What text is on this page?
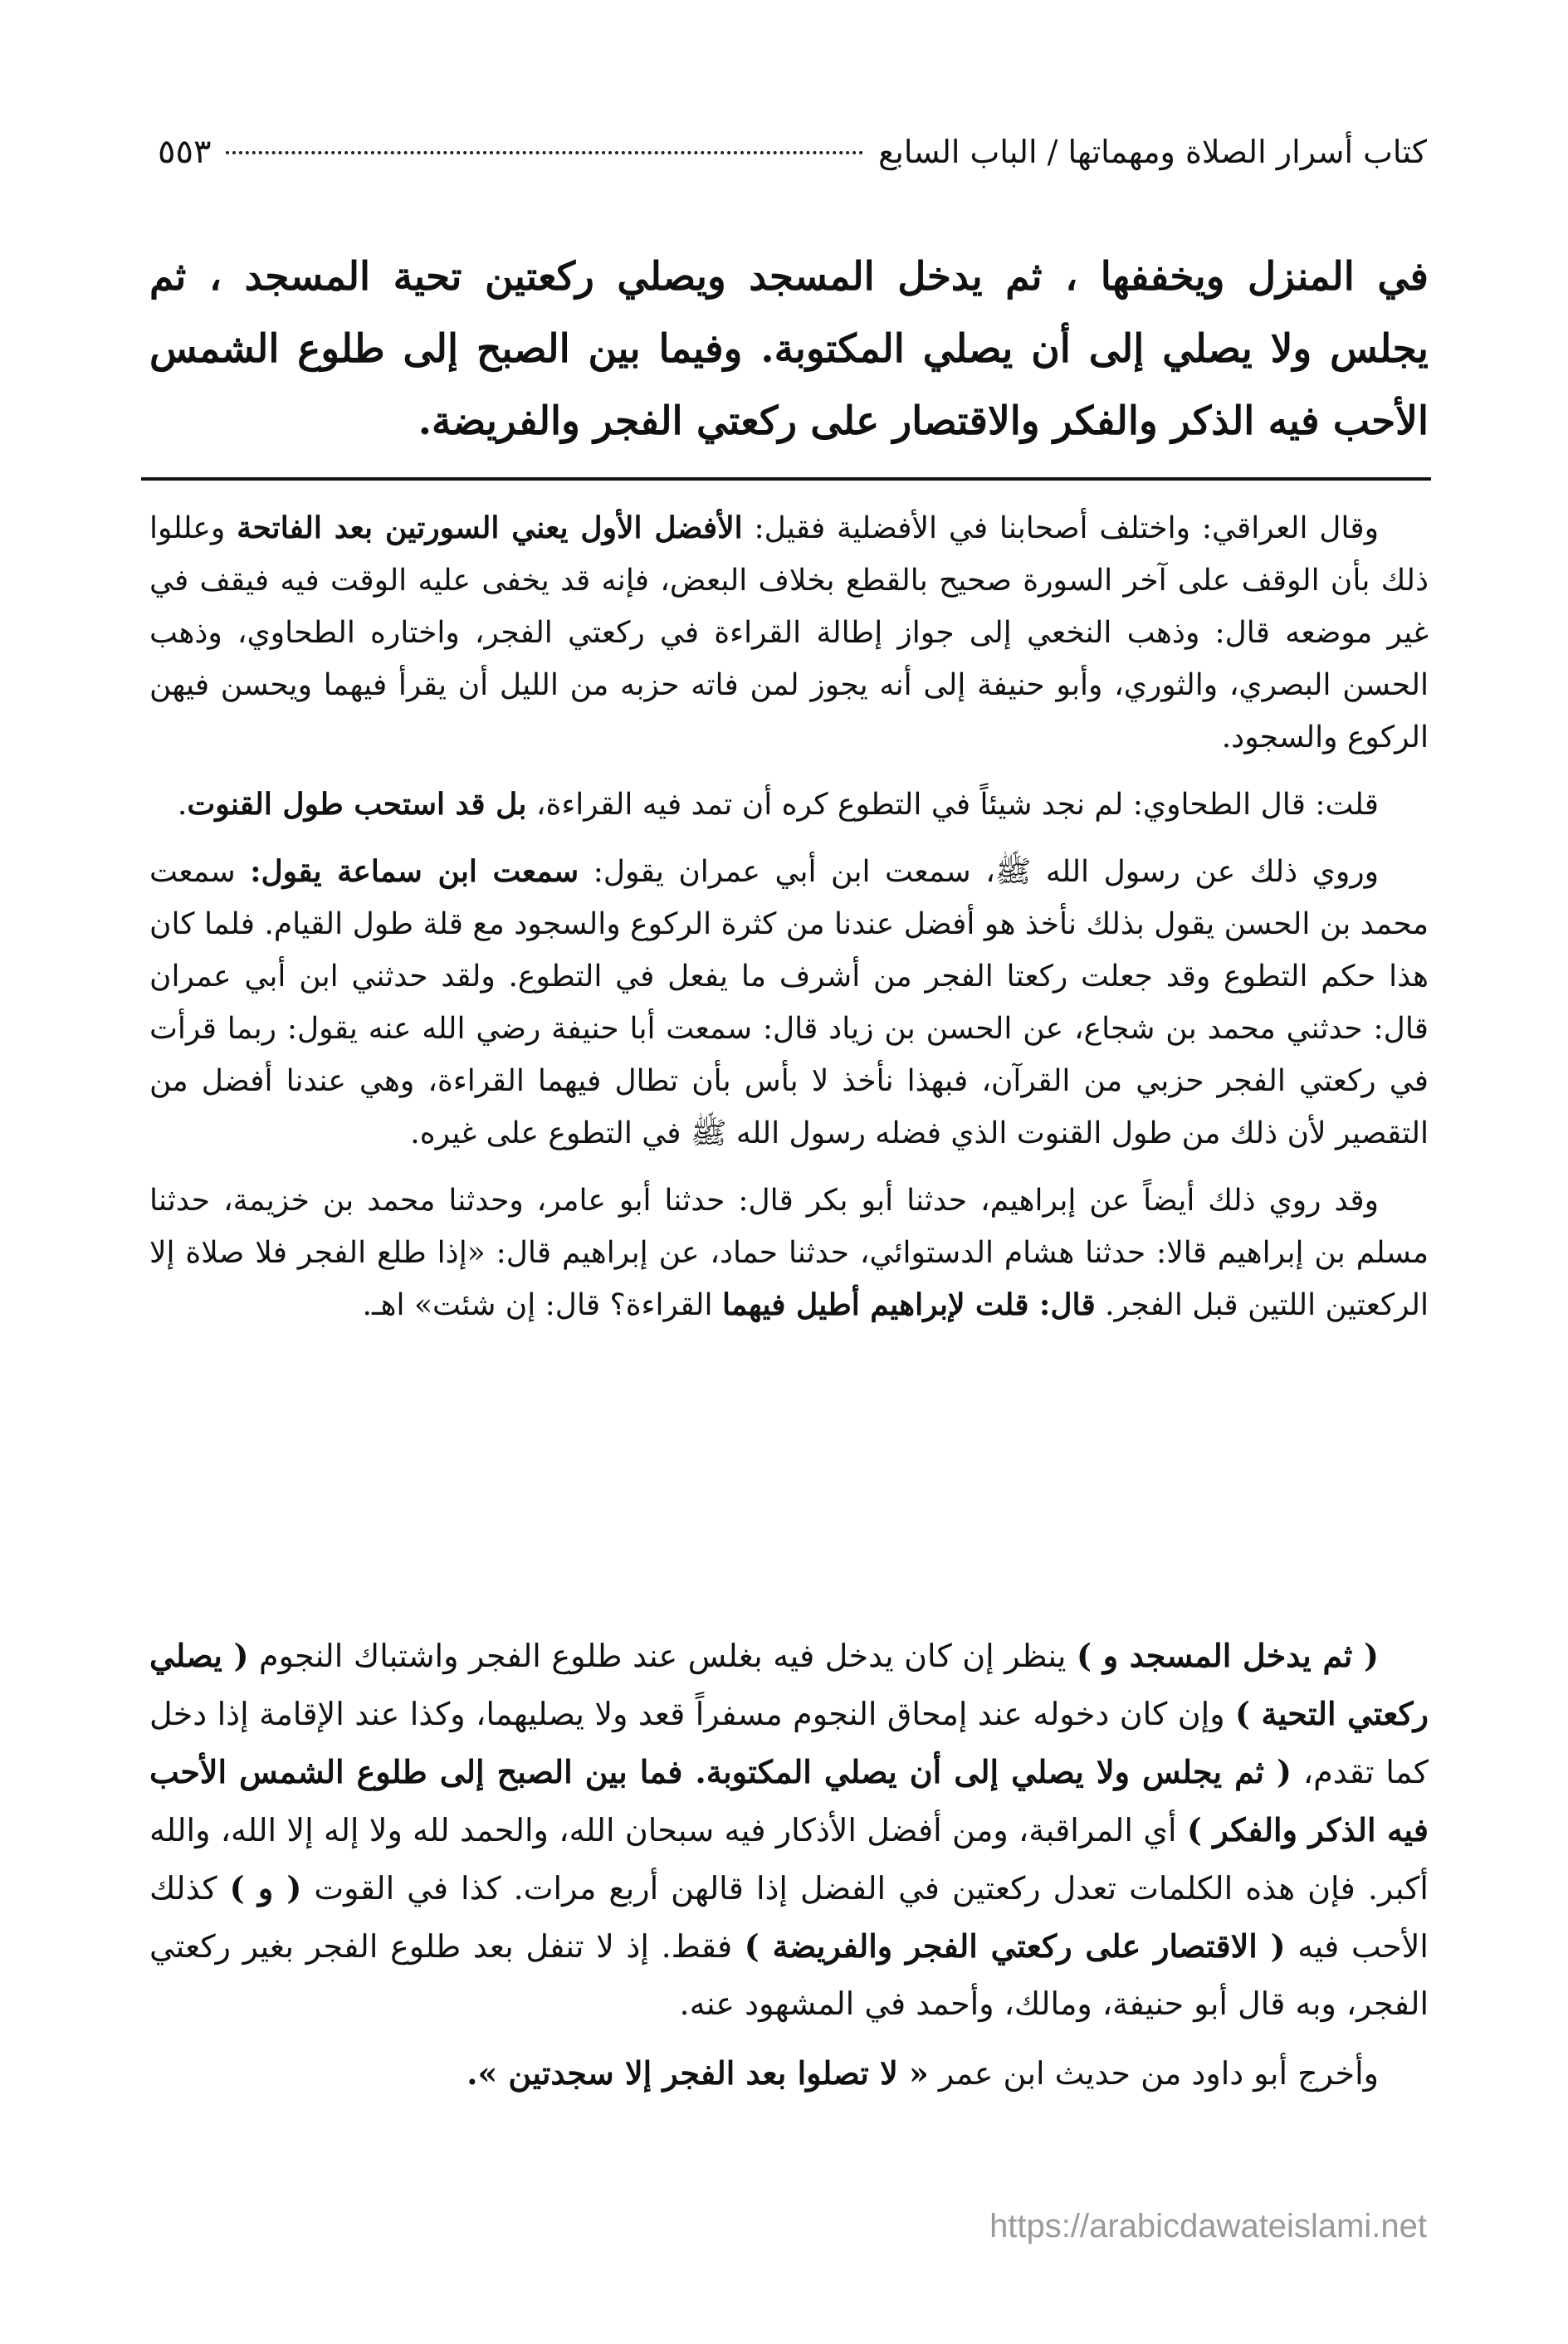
كتاب أسرار الصلاة ومهماتها / الباب السابع
٥٥٣
في المنزل ويخففها ، ثم يدخل المسجد ويصلي ركعتين تحية المسجد ، ثم يجلس ولا يصلي إلى أن يصلي المكتوبة. وفيما بين الصبح إلى طلوع الشمس الأحب فيه الذكر والفكر والاقتصار على ركعتي الفجر والفريضة.

وقال العراقي: واختلف أصحابنا في الأفضلية فقيل: الأفضل الأول يعني السورتين بعد الفاتحة وعللوا ذلك بأن الوقف على آخر السورة صحيح بالقطع بخلاف البعض، فإنه قد يخفى عليه الوقت فيه فيقف في غير موضعه قال: وذهب النخعي إلى جواز إطالة القراءة في ركعتي الفجر، واختاره الطحاوي، وذهب الحسن البصري، والثوري، وأبو حنيفة إلى أنه يجوز لمن فاته حزبه من الليل أن يقرأ فيهما ويحسن فيهن الركوع والسجود.

قلت: قال الطحاوي: لم نجد شيئاً في التطوع كره أن تمد فيه القراءة، بل قد استحب طول القنوت.

وروي ذلك عن رسول الله ﷺ، سمعت ابن أبي عمران يقول: سمعت ابن سماعة يقول: سمعت محمد بن الحسن يقول بذلك نأخذ هو أفضل عندنا من كثرة الركوع والسجود مع قلة طول القيام. فلما كان هذا حكم التطوع وقد جعلت ركعتا الفجر من أشرف ما يفعل في التطوع. ولقد حدثني ابن أبي عمران قال: حدثني محمد بن شجاع، عن الحسن بن زياد قال: سمعت أبا حنيفة رضي الله عنه يقول: ربما قرأت في ركعتي الفجر حزبي من القرآن، فبهذا نأخذ لا بأس بأن تطال فيهما القراءة، وهي عندنا أفضل من التقصير لأن ذلك من طول القنوت الذي فضله رسول الله ﷺ في التطوع على غيره.

وقد روي ذلك أيضاً عن إبراهيم، حدثنا أبو بكر قال: حدثنا أبو عامر، وحدثنا محمد بن خزيمة، حدثنا مسلم بن إبراهيم قالا: حدثنا هشام الدستوائي، حدثنا حماد، عن إبراهيم قال: «إذا طلع الفجر فلا صلاة إلا الركعتين اللتين قبل الفجر. قال: قلت لإبراهيم أطيل فيهما القراءة؟ قال: إن شئت» اهـ.

( ثم يدخل المسجد و ) ينظر إن كان يدخل فيه بغلس عند طلوع الفجر واشتباك النجوم ( يصلي ركعتي التحية ) وإن كان دخوله عند إمحاق النجوم مسفراً قعد ولا يصليهما، وكذا عند الإقامة إذا دخل كما تقدم، ( ثم يجلس ولا يصلي إلى أن يصلي المكتوبة. فما بين الصبح إلى طلوع الشمس الأحب فيه الذكر والفكر ) أي المراقبة، ومن أفضل الأذكار فيه سبحان الله، والحمد لله ولا إله إلا الله، والله أكبر. فإن هذه الكلمات تعدل ركعتين في الفضل إذا قالهن أربع مرات. كذا في القوت ( و ) كذلك الأحب فيه ( الاقتصار على ركعتي الفجر والفريضة ) فقط. إذ لا تنفل بعد طلوع الفجر بغير ركعتي الفجر، وبه قال أبو حنيفة، ومالك، وأحمد في المشهود عنه.

وأخرج أبو داود من حديث ابن عمر « لا تصلوا بعد الفجر إلا سجدتين ».

https://arabicdawateislami.net
